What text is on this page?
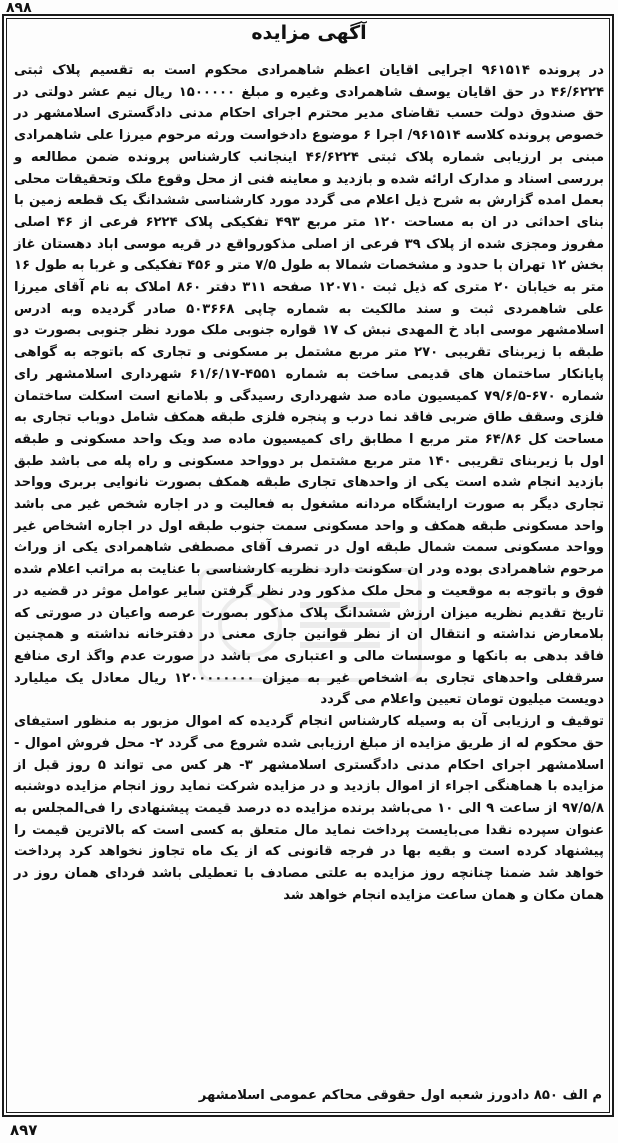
۸۹۸
آگهی مزایده

در پرونده ۹۶۱۵۱۴ اجرایی اقایان اعظم شاهمرادی محکوم است به تقسیم پلاک ثبتی ۴۶/۶۲۲۴ در حق اقایان یوسف شاهمرادی وغیره و مبلغ ۱۵۰۰۰۰۰ ریال نیم عشر دولتی در حق صندوق دولت حسب تقاضای مدیر محترم اجرای احکام مدنی دادگستری اسلامشهر در خصوص پرونده کلاسه ۹۶۱۵۱۴/ اجرا ۶ موضوع دادخواست ورثه مرحوم میرزا علی شاهمرادی مبنی بر ارزیابی شماره پلاک ثبتی ۴۶/۶۲۲۴ اینجانب کارشناس پرونده ضمن مطالعه و بررسی اسناد و مدارک ارائه شده و بازدید و معاینه فنی از محل وقوع ملک وتحقیقات محلی بعمل امده گزارش به شرح ذیل اعلام می گردد مورد کارشناسی ششدانگ یک قطعه زمین با بنای احداثی در ان به مساحت ۱۲۰ متر مربع ۴۹۳ تفکیکی پلاک ۶۲۲۴ فرعی از ۴۶ اصلی مفروز ومجزی شده از پلاک ۳۹ فرعی از اصلی مذکورواقع در قریه موسی اباد دهستان غاز بخش ۱۲ تهران با حدود و مشخصات شمالا به طول ۷/۵ متر و ۴۵۶ تفکیکی و غربا به طول ۱۶ متر به خیابان ۲۰ متری که ذیل ثبت ۱۲۰۷۱۰ صفحه ۳۱۱ دفتر ۸۶۰ املاک به نام آقای میرزا علی شاهمردی ثبت و سند مالکیت به شماره چاپی ۵۰۳۶۶۸ صادر گردیده وبه ادرس اسلامشهر موسی اباد خ المهدی نبش ک ۱۷ قواره جنوبی ملک مورد نظر جنوبی بصورت دو طبقه با زیربنای تقریبی ۲۷۰ متر مربع مشتمل بر مسکونی و تجاری که باتوجه به گواهی پایانکار ساختمان های قدیمی ساخت به شماره ۴۵۵۱-۶۱/۶/۱۷ شهرداری اسلامشهر رای شماره ۶۷۰-۷۹/۶/۵ کمیسیون ماده صد شهرداری رسیدگی و بلامانع است اسکلت ساختمان فلزی وسقف طاق ضربی فاقد نما درب و پنجره فلزی طبقه همکف شامل دوباب تجاری به مساحت کل ۶۴/۸۶ متر مربع ا مطابق رای کمیسیون ماده صد ویک واحد مسکونی و طبقه اول با زیربنای تقریبی ۱۴۰ متر مربع مشتمل بر دوواحد مسکونی و راه پله می باشد طبق بازدید انجام شده است یکی از واحدهای تجاری طبقه همکف بصورت نانوایی بربری وواحد تجاری دیگر به صورت ارایشگاه مردانه مشغول به فعالیت و در اجاره شخص غیر می باشد واحد مسکونی طبقه همکف و واحد مسکونی سمت جنوب طبقه اول در اجاره اشخاص غیر وواحد مسکونی سمت شمال طبقه اول در تصرف آقای مصطفی شاهمرادی یکی از وراث مرحوم شاهمرادی بوده ودر ان سکونت دارد نظریه کارشناسی با عنایت به مراتب اعلام شده فوق و باتوجه به موقعیت و محل ملک مذکور ودر نظر گرفتن سایر عوامل موثر در قضیه در تاریخ تقدیم نظریه میزان ارزش ششدانگ پلاک مذکور بصورت عرصه واعیان در صورتی که بلامعارض نداشته و انتقال ان از نظر قوانین جاری معنی در دفترخانه نداشته و همچنین فاقد بدهی به بانکها و موسسات مالی و اعتباری می باشد در صورت عدم واگذ اری منافع سرقفلی واحدهای تجاری به اشخاص غیر به میزان ۱۲۰۰۰۰۰۰۰۰ ریال معادل یک میلیارد دویست میلیون تومان تعیین واعلام می گردد

توقیف و ارزیابی آن به وسیله کارشناس انجام گردیده که اموال مزبور به منظور استیفای حق محکوم له از طریق مزایده از مبلغ ارزیابی شده شروع می گردد ۲- محل فروش اموال - اسلامشهر اجرای احکام مدنی دادگستری اسلامشهر ۳- هر کس می تواند ۵ روز قبل از مزایده با هماهنگی اجراء از اموال بازدید و در مزایده شرکت نماید روز انجام مزایده دوشنبه ۹۷/۵/۸ از ساعت ۹ الی ۱۰ می‌باشد برنده مزایده ده درصد قیمت پیشنهادی را فی‌المجلس به عنوان سپرده نقدا می‌بایست پرداخت نماید مال متعلق به کسی است که بالاترین قیمت را پیشنهاد کرده است و بقیه بها در فرجه قانونی که از یک ماه تجاوز نخواهد کرد پرداخت خواهد شد ضمنا چنانچه روز مزایده به علتی مصادف با تعطیلی باشد فردای همان روز در همان مکان و همان ساعت مزایده انجام خواهد شد

م الف ۸۵۰ دادورز شعبه اول حقوقی محاکم عمومی اسلامشهر
۸۹۷
